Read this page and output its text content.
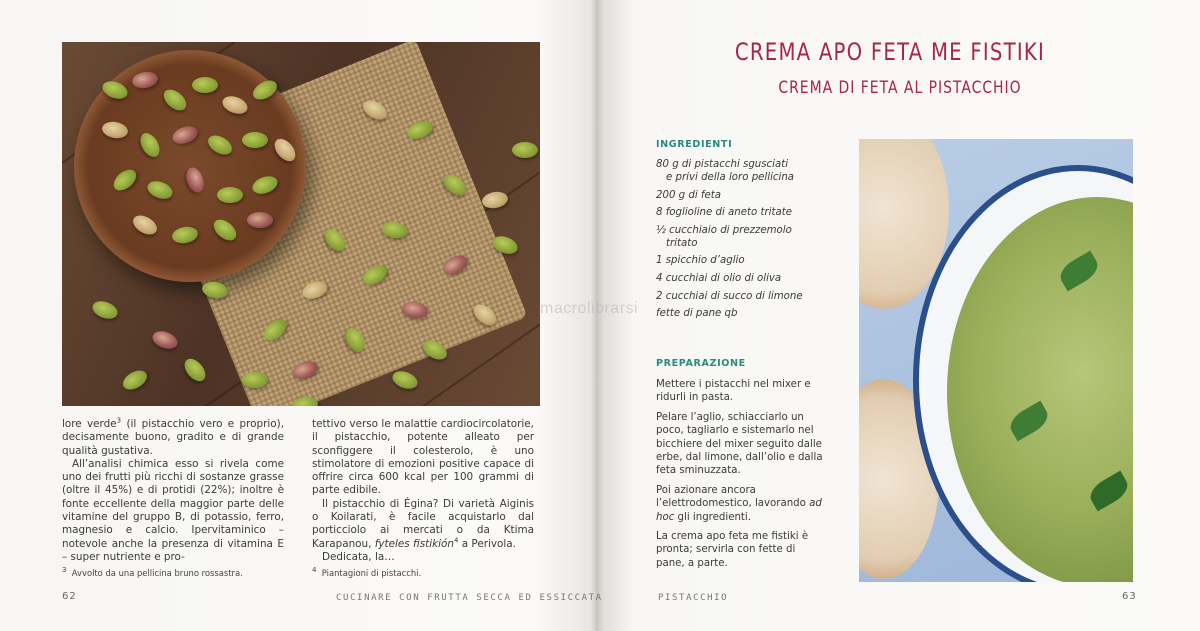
lore verde$^3$ (il pistacchio vero e proprio), decisamente buono, gradito e di grande qualità gustativa.

All’analisi chimica esso si rivela come uno dei frutti più ricchi di sostanze grasse (oltre il 45%) e di protidi (22%); inoltre è fonte eccellente della maggior parte delle vitamine del gruppo B, di potassio, ferro, magnesio e calcio. Ipervitaminico – notevole anche la presenza di vitamina E – super nutriente e pro-

tettivo verso le malattie cardiocircolatorie, il pistacchio, potente alleato per sconfiggere il colesterolo, è uno stimolatore di emozioni positive capace di offrire circa 600 kcal per 100 grammi di parte edibile.

Il pistacchio di Égina? Di varietà Aiginis o Koilarati, è facile acquistarlo dal porticciolo ai mercati o da Ktima Karapanou, fyteles fistikión$^4$ a Perivola.

Dedicata, la…

$^3$ Avvolto da una pellicina bruno rossastra.	$^4$ Piantagioni di pistacchi.
62	CUCINARE CON FRUTTA SECCA ED ESSICCATA
CREMA APO FETA ME FISTIKI
CREMA DI FETA AL PISTACCHIO
INGREDIENTI
80 g di pistacchi sgusciati
e privi della loro pellicina
200 g di feta
8 foglioline di aneto tritate
½ cucchiaio di prezzemolo
tritato
1 spicchio d’aglio
4 cucchiai di olio di oliva
2 cucchiai di succo di limone
fette di pane qb
PREPARAZIONE

Mettere i pistacchi nel mixer e ridurli in pasta.

Pelare l’aglio, schiacciarlo un poco, tagliarlo e sistemarlo nel bicchiere del mixer seguito dalle erbe, dal limone, dall’olio e dalla feta sminuzzata.

Poi azionare ancora l’elettrodomestico, lavorando ad hoc gli ingredienti.

La crema apo feta me fistiki è pronta; servirla con fette di pane, a parte.

PISTACCHIO	63
macrolibrarsi
